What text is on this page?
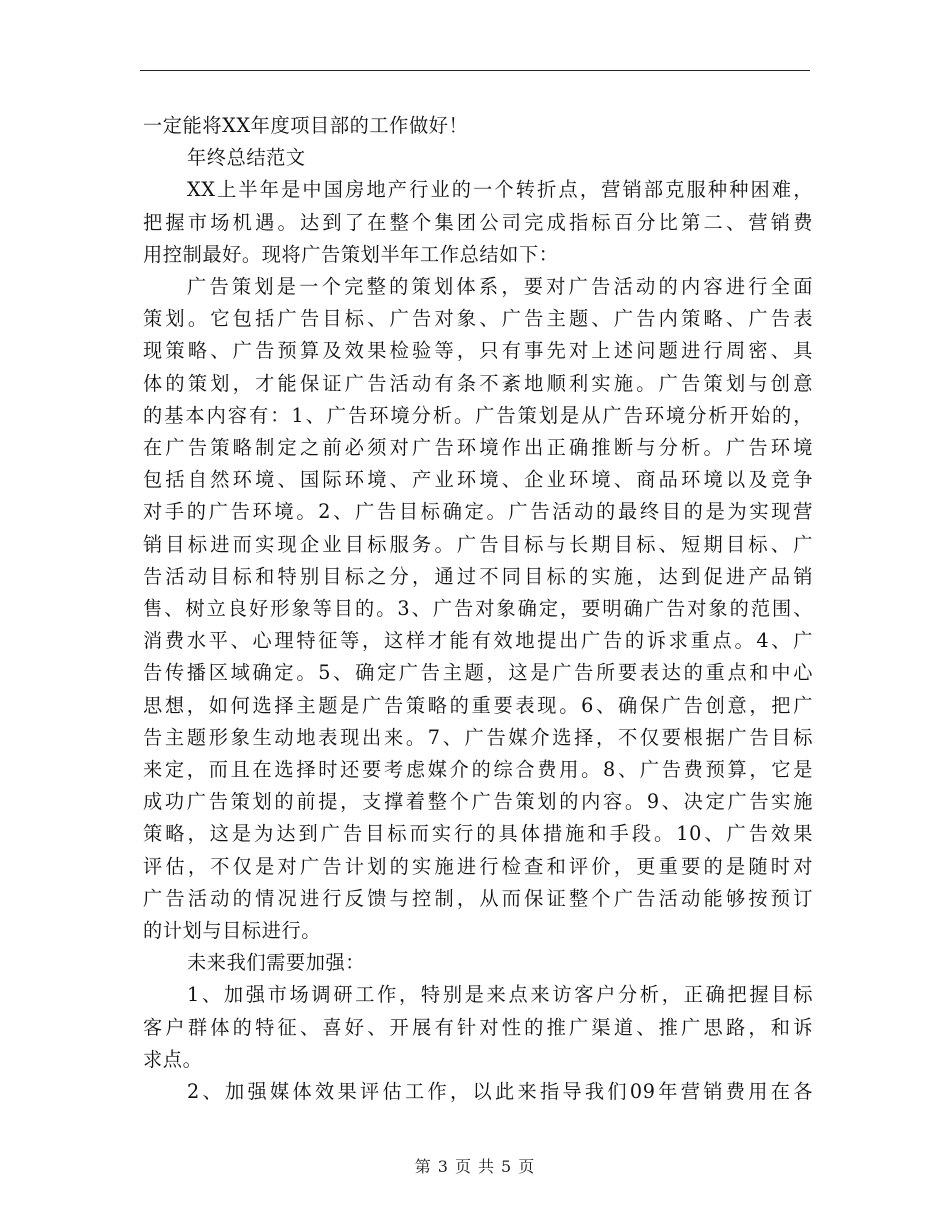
一定能将XX年度项目部的工作做好！

年终总结范文

XX上半年是中国房地产行业的一个转折点，营销部克服种种困难，

把握市场机遇。达到了在整个集团公司完成指标百分比第二、营销费

用控制最好。现将广告策划半年工作总结如下：

广告策划是一个完整的策划体系，要对广告活动的内容进行全面

策划。它包括广告目标、广告对象、广告主题、广告内策略、广告表

现策略、广告预算及效果检验等，只有事先对上述问题进行周密、具

体的策划，才能保证广告活动有条不紊地顺利实施。广告策划与创意

的基本内容有：1、广告环境分析。广告策划是从广告环境分析开始的，

在广告策略制定之前必须对广告环境作出正确推断与分析。广告环境

包括自然环境、国际环境、产业环境、企业环境、商品环境以及竞争

对手的广告环境。2、广告目标确定。广告活动的最终目的是为实现营

销目标进而实现企业目标服务。广告目标与长期目标、短期目标、广

告活动目标和特别目标之分，通过不同目标的实施，达到促进产品销

售、树立良好形象等目的。3、广告对象确定，要明确广告对象的范围、

消费水平、心理特征等，这样才能有效地提出广告的诉求重点。4、广

告传播区域确定。5、确定广告主题，这是广告所要表达的重点和中心

思想，如何选择主题是广告策略的重要表现。6、确保广告创意，把广

告主题形象生动地表现出来。7、广告媒介选择，不仅要根据广告目标

来定，而且在选择时还要考虑媒介的综合费用。8、广告费预算，它是

成功广告策划的前提，支撑着整个广告策划的内容。9、决定广告实施

策略，这是为达到广告目标而实行的具体措施和手段。10、广告效果

评估，不仅是对广告计划的实施进行检查和评价，更重要的是随时对

广告活动的情况进行反馈与控制，从而保证整个广告活动能够按预订

的计划与目标进行。

未来我们需要加强：

1、加强市场调研工作，特别是来点来访客户分析，正确把握目标

客户群体的特征、喜好、开展有针对性的推广渠道、推广思路，和诉

求点。

2、加强媒体效果评估工作，以此来指导我们09年营销费用在各

第 3 页 共 5 页
